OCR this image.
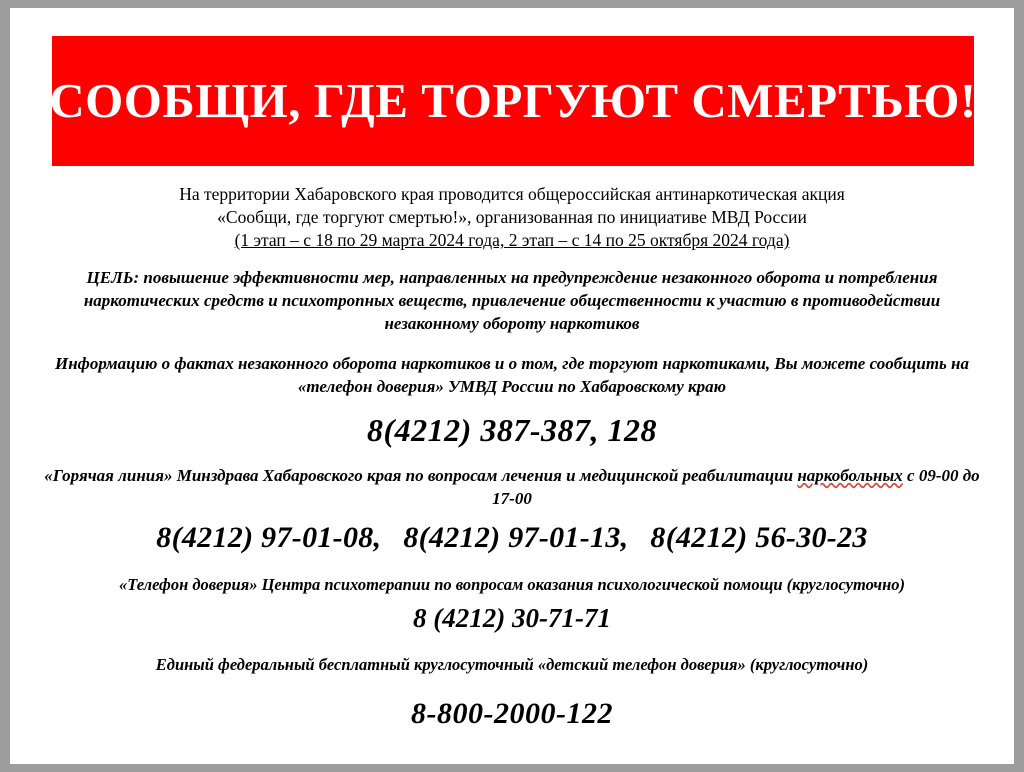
СООБЩИ, ГДЕ ТОРГУЮТ СМЕРТЬЮ!

На территории Хабаровского края проводится общероссийская антинаркотическая акция
«Сообщи, где торгуют смертью!», организованная по инициативе МВД России
(1 этап – с 18 по 29 марта 2024 года, 2 этап – с 14 по 25 октября 2024 года)

ЦЕЛЬ: повышение эффективности мер, направленных на предупреждение незаконного оборота и потребления наркотических средств и психотропных веществ, привлечение общественности к участию в противодействии незаконному обороту наркотиков

Информацию о фактах незаконного оборота наркотиков и о том, где торгуют наркотиками, Вы можете сообщить на «телефон доверия» УМВД России по Хабаровскому краю

8(4212) 387-387, 128

«Горячая линия» Минздрава Хабаровского края по вопросам лечения и медицинской реабилитации наркобольных с 09-00 до 17-00

8(4212) 97-01-08, 8(4212) 97-01-13, 8(4212) 56-30-23

«Телефон доверия» Центра психотерапии по вопросам оказания психологической помощи (круглосуточно)

8 (4212) 30-71-71

Единый федеральный бесплатный круглосуточный «детский телефон доверия» (круглосуточно)

8-800-2000-122
